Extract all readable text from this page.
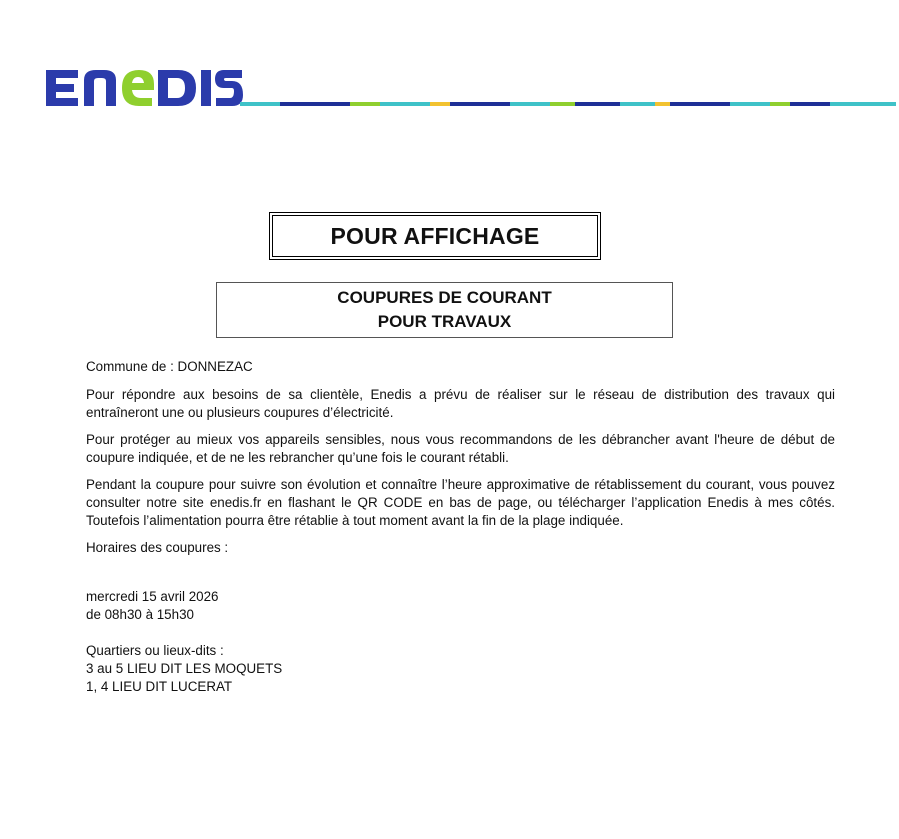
POUR AFFICHAGE
COUPURES DE COURANT
POUR TRAVAUX

Commune de : DONNEZAC

Pour répondre aux besoins de sa clientèle, Enedis a prévu de réaliser sur le réseau de distribution des travaux qui entraîneront une ou plusieurs coupures d’électricité.

Pour protéger au mieux vos appareils sensibles, nous vous recommandons de les débrancher avant l'heure de début de coupure indiquée, et de ne les rebrancher qu’une fois le courant rétabli.

Pendant la coupure pour suivre son évolution et connaître l’heure approximative de rétablissement du courant, vous pouvez consulter notre site enedis.fr en flashant le QR CODE en bas de page, ou télécharger l’application Enedis à mes côtés. Toutefois l’alimentation pourra être rétablie à tout moment avant la fin de la plage indiquée.

Horaires des coupures :

mercredi 15 avril 2026

de 08h30 à 15h30

Quartiers ou lieux-dits :

3 au 5 LIEU DIT LES MOQUETS

1, 4 LIEU DIT LUCERAT
